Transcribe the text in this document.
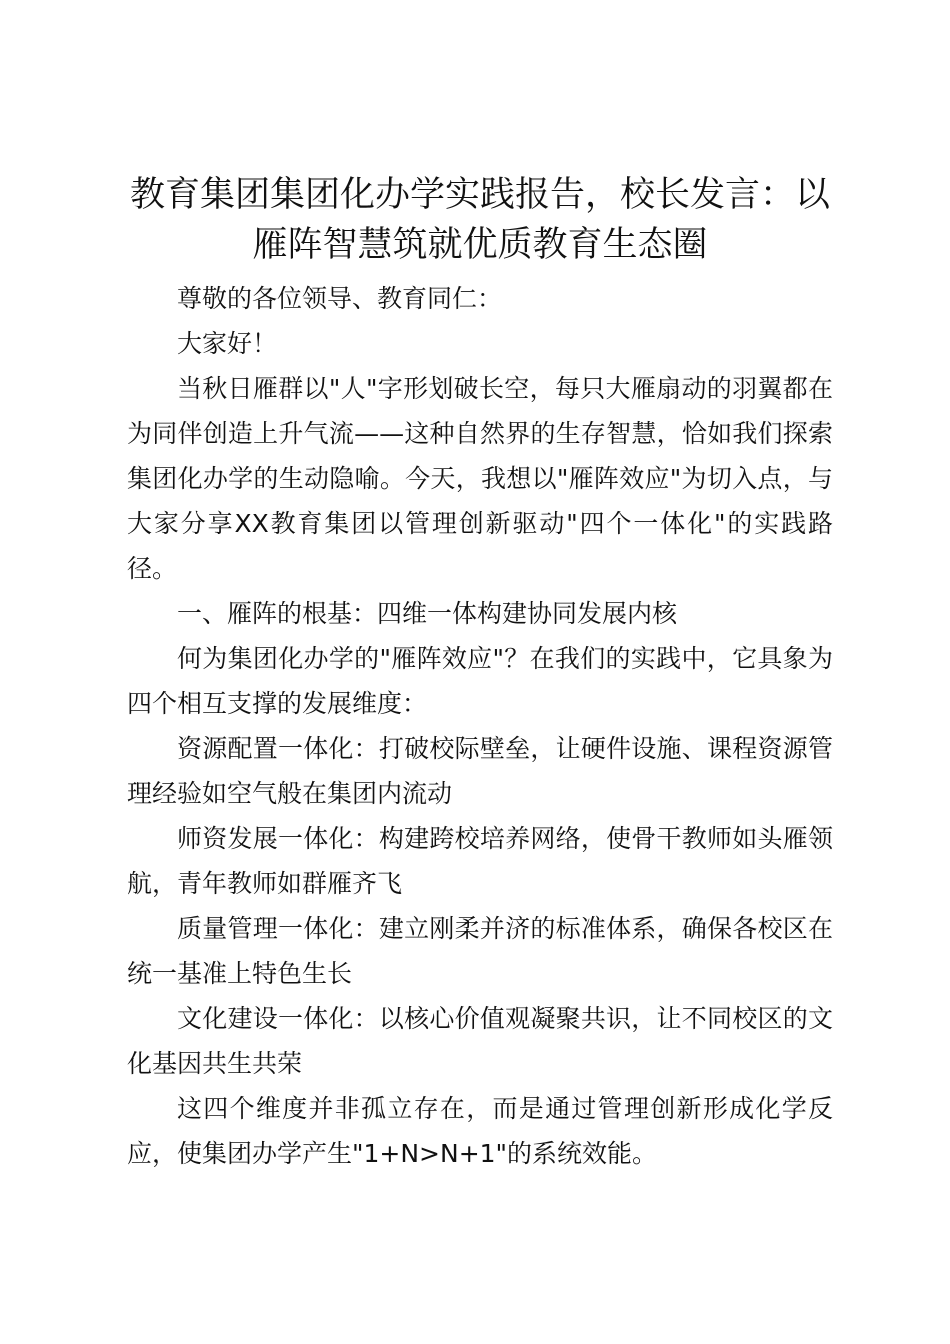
教育集团集团化办学实践报告，校长发言：以雁阵智慧筑就优质教育生态圈

尊敬的各位领导、教育同仁：

大家好！

当秋日雁群以"人"字形划破长空，每只大雁扇动的羽翼都在为同伴创造上升气流——这种自然界的生存智慧，恰如我们探索集团化办学的生动隐喻。今天，我想以"雁阵效应"为切入点，与大家分享XX教育集团以管理创新驱动"四个一体化"的实践路径。

一、雁阵的根基：四维一体构建协同发展内核

何为集团化办学的"雁阵效应"？在我们的实践中，它具象为四个相互支撑的发展维度：

资源配置一体化：打破校际壁垒，让硬件设施、课程资源管理经验如空气般在集团内流动

师资发展一体化：构建跨校培养网络，使骨干教师如头雁领航，青年教师如群雁齐飞

质量管理一体化：建立刚柔并济的标准体系，确保各校区在统一基准上特色生长

文化建设一体化：以核心价值观凝聚共识，让不同校区的文化基因共生共荣

这四个维度并非孤立存在，而是通过管理创新形成化学反应，使集团办学产生"1+N>N+1"的系统效能。
